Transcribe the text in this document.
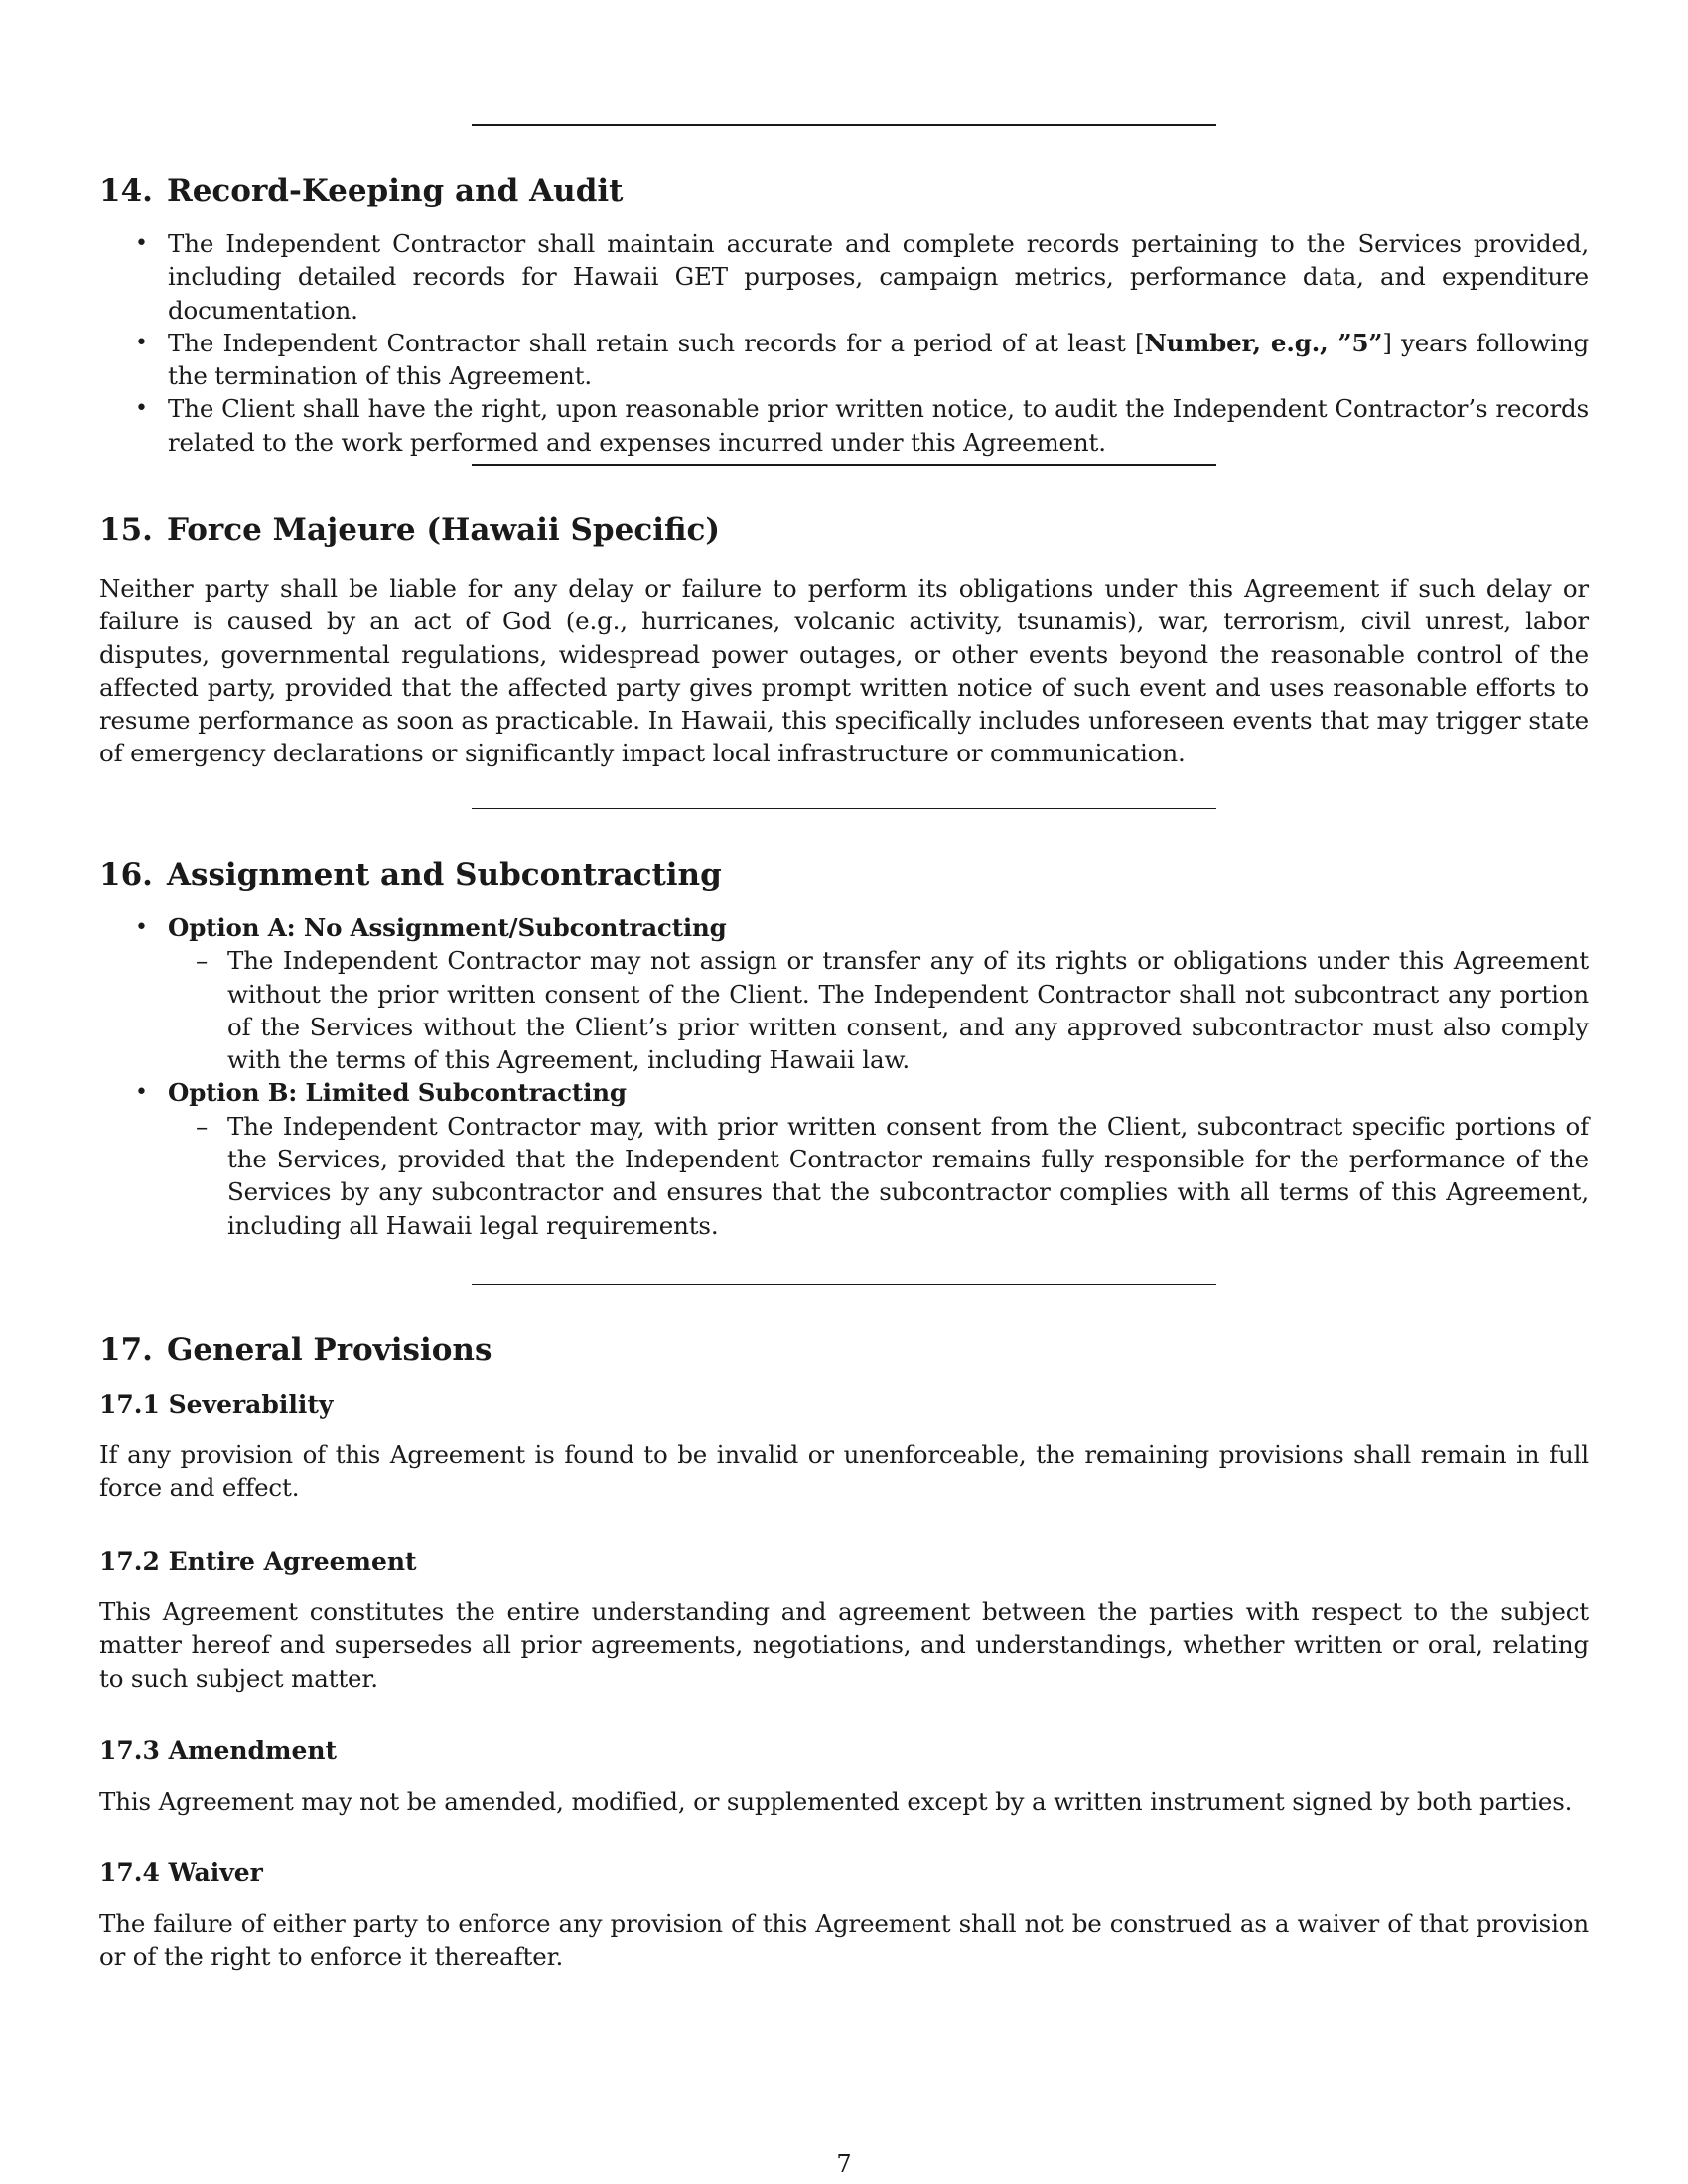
14. Record-Keeping and Audit
• The Independent Contractor shall maintain accurate and complete records pertaining to the Services provided, including detailed records for Hawaii GET purposes, campaign metrics, performance data, and expenditure documentation.
• The Independent Contractor shall retain such records for a period of at least [Number, e.g., ”5”] years following the termination of this Agreement.
• The Client shall have the right, upon reasonable prior written notice, to audit the Independent Contractor’s records related to the work performed and expenses incurred under this Agreement.
15. Force Majeure (Hawaii Specific)

Neither party shall be liable for any delay or failure to perform its obligations under this Agreement if such delay or failure is caused by an act of God (e.g., hurricanes, volcanic activity, tsunamis), war, terrorism, civil unrest, labor disputes, governmental regulations, widespread power outages, or other events beyond the reasonable control of the affected party, provided that the affected party gives prompt written notice of such event and uses reasonable efforts to resume performance as soon as practicable. In Hawaii, this specifically includes unforeseen events that may trigger state of emergency declarations or significantly impact local infrastructure or communication.

16. Assignment and Subcontracting
• Option A: No Assignment/Subcontracting
– The Independent Contractor may not assign or transfer any of its rights or obligations under this Agreement without the prior written consent of the Client. The Independent Contractor shall not subcontract any portion of the Services without the Client’s prior written consent, and any approved subcontractor must also comply with the terms of this Agreement, including Hawaii law.
• Option B: Limited Subcontracting
– The Independent Contractor may, with prior written consent from the Client, subcontract specific portions of the Services, provided that the Independent Contractor remains fully responsible for the performance of the Services by any subcontractor and ensures that the subcontractor complies with all terms of this Agreement, including all Hawaii legal requirements.
17. General Provisions
17.1 Severability

If any provision of this Agreement is found to be invalid or unenforceable, the remaining provisions shall remain in full force and effect.

17.2 Entire Agreement

This Agreement constitutes the entire understanding and agreement between the parties with respect to the subject matter hereof and supersedes all prior agreements, negotiations, and understandings, whether written or oral, relating to such subject matter.

17.3 Amendment

This Agreement may not be amended, modified, or supplemented except by a written instrument signed by both parties.

17.4 Waiver

The failure of either party to enforce any provision of this Agreement shall not be construed as a waiver of that provision or of the right to enforce it thereafter.

7
